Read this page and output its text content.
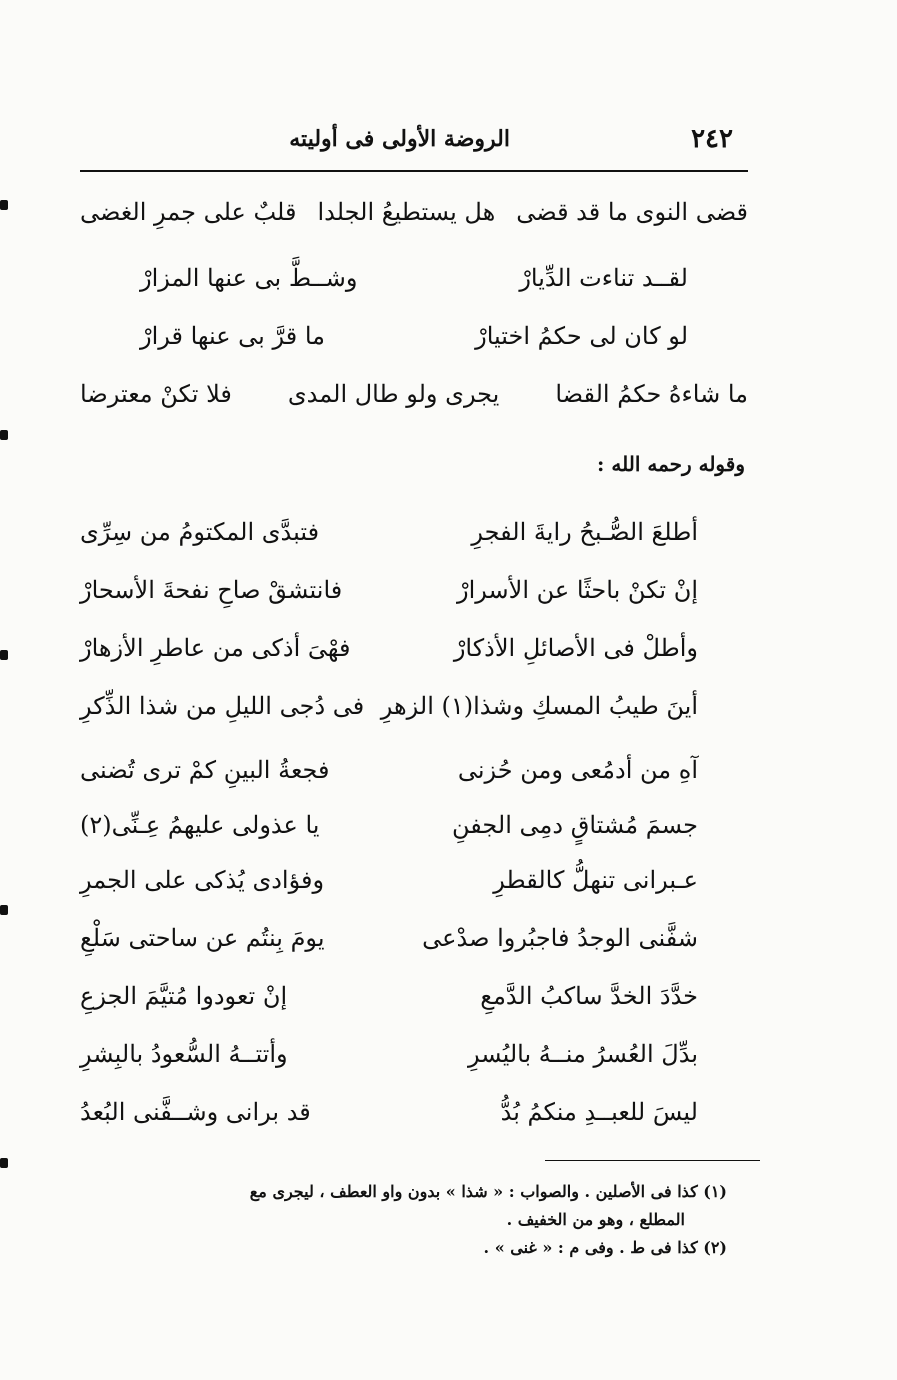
٢٤٢
الروضة الأولى فى أوليته
قضى النوى ما قد قضى
هل يستطيعُ الجلدا
قلبٌ على جمرِ الغضى
لقــد تناءت الدِّيارْ
وشــطَّ بى عنها المزارْ
لو كان لى حكمُ اختيارْ
ما قرَّ بى عنها قرارْ
ما شاءهُ حكمُ القضا
يجرى ولو طال المدى
فلا تكنْ معترضا
وقوله رحمه الله :
أطلعَ الصُّـبحُ رايةَ الفجرِ
فتبدَّى المكتومُ من سِرِّى
إنْ تكنْ باحثًا عن الأسرارْ
فانتشقْ صاحِ نفحةَ الأسحارْ
وأطلْ فى الأصائلِ الأذكارْ
فهْىَ أذكى من عاطرِ الأزهارْ
أينَ طيبُ المسكِ وشذا(١) الزهرِ
فى دُجى الليلِ من شذا الذِّكرِ
آهِ من أدمُعى ومن حُزنى
فجعةُ البينِ كمْ ترى تُضنى
جسمَ مُشتاقٍ دمِى الجفنِ
يا عذولى عليهمُ عِـنِّى(٢)
عـبرانى تنهلُّ كالقطرِ
وفؤادى يُذكى على الجمرِ
شفَّنى الوجدُ فاجبُروا صدْعى
يومَ بِنتُم عن ساحتى سَلْعِ
خدَّدَ الخدَّ ساكبُ الدَّمعِ
إنْ تعودوا مُتيَّمَ الجزعِ
بدِّلَ العُسرُ منــهُ باليُسرِ
وأتتــهُ السُّعودُ بالبِشرِ
ليسَ للعبــدِ منكمُ بُدُّ
قد برانى وشــفَّنى البُعدُ
(١) كذا فى الأصلين . والصواب : « شذا » بدون واو العطف ، ليجرى مع
المطلع ، وهو من الخفيف .
(٢) كذا فى ط . وفى م : « غنى » .
